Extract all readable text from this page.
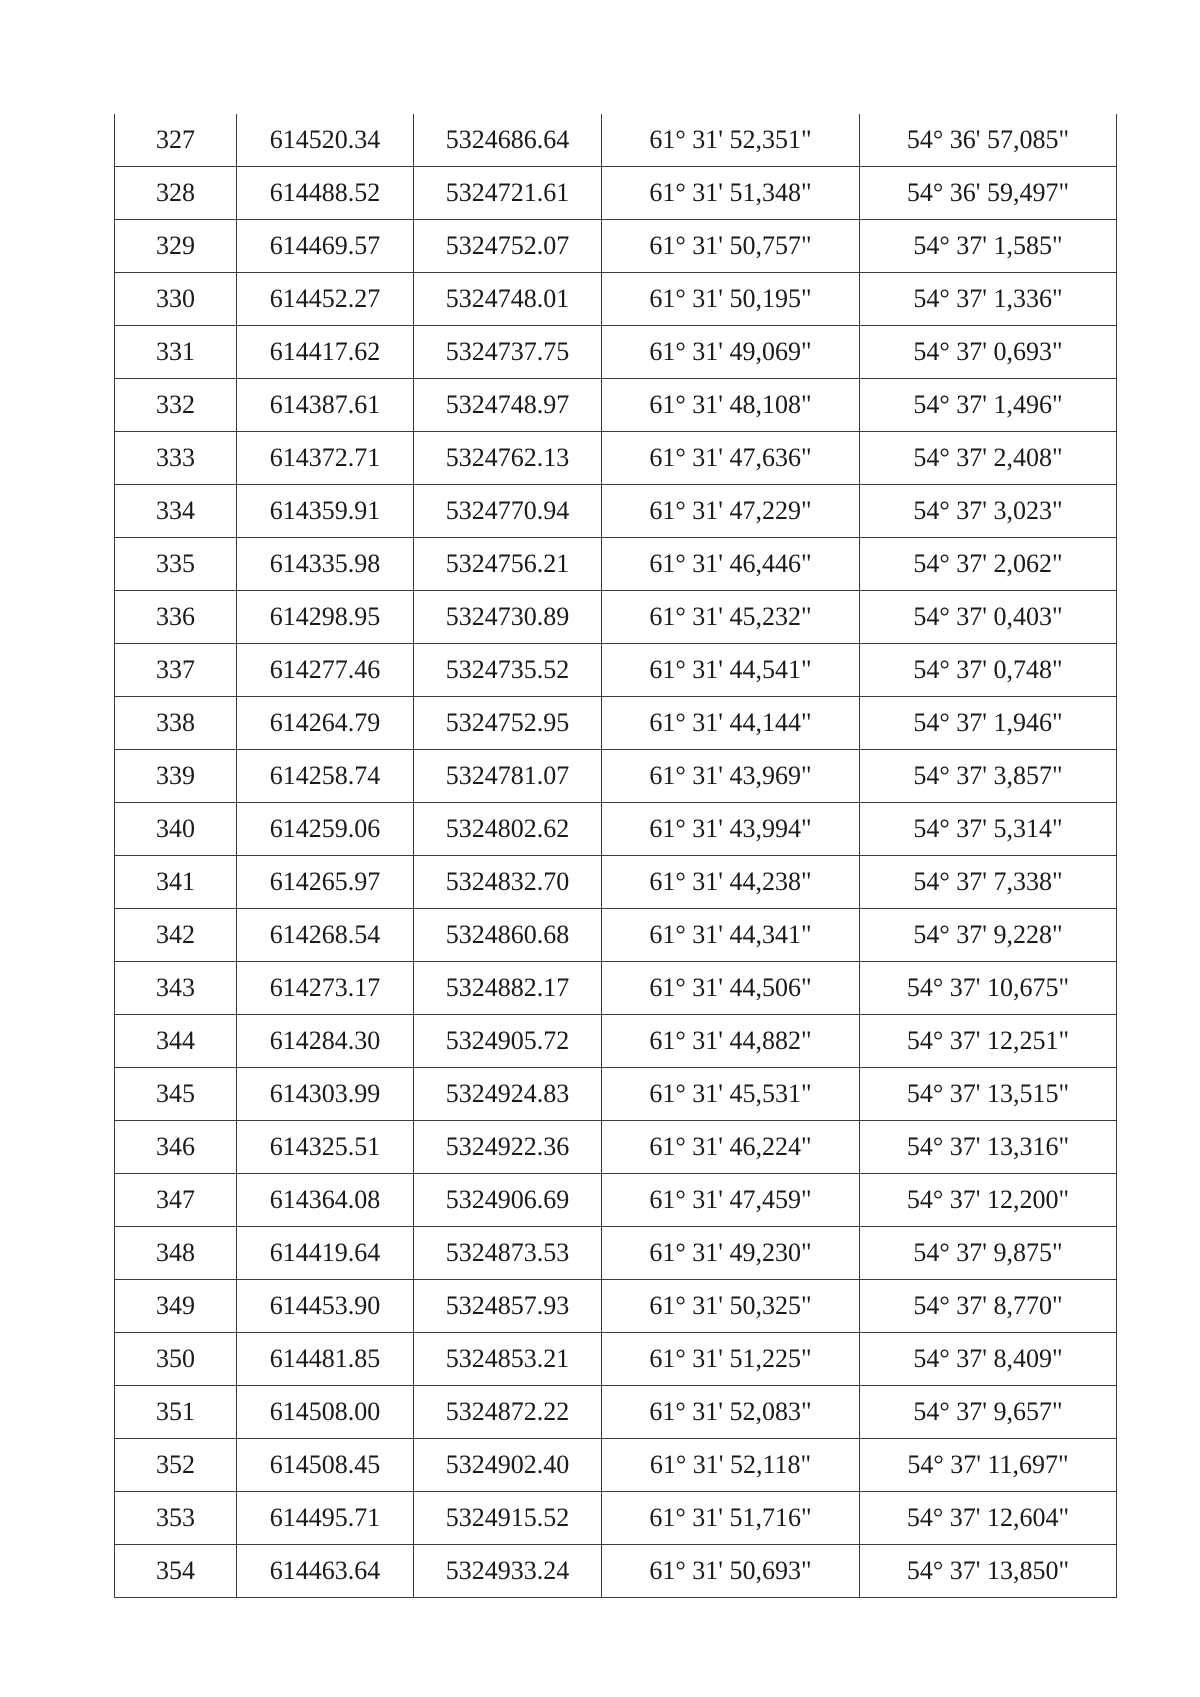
327	614520.34	5324686.64	61° 31' 52,351"	54° 36' 57,085"
328	614488.52	5324721.61	61° 31' 51,348"	54° 36' 59,497"
329	614469.57	5324752.07	61° 31' 50,757"	54° 37' 1,585"
330	614452.27	5324748.01	61° 31' 50,195"	54° 37' 1,336"
331	614417.62	5324737.75	61° 31' 49,069"	54° 37' 0,693"
332	614387.61	5324748.97	61° 31' 48,108"	54° 37' 1,496"
333	614372.71	5324762.13	61° 31' 47,636"	54° 37' 2,408"
334	614359.91	5324770.94	61° 31' 47,229"	54° 37' 3,023"
335	614335.98	5324756.21	61° 31' 46,446"	54° 37' 2,062"
336	614298.95	5324730.89	61° 31' 45,232"	54° 37' 0,403"
337	614277.46	5324735.52	61° 31' 44,541"	54° 37' 0,748"
338	614264.79	5324752.95	61° 31' 44,144"	54° 37' 1,946"
339	614258.74	5324781.07	61° 31' 43,969"	54° 37' 3,857"
340	614259.06	5324802.62	61° 31' 43,994"	54° 37' 5,314"
341	614265.97	5324832.70	61° 31' 44,238"	54° 37' 7,338"
342	614268.54	5324860.68	61° 31' 44,341"	54° 37' 9,228"
343	614273.17	5324882.17	61° 31' 44,506"	54° 37' 10,675"
344	614284.30	5324905.72	61° 31' 44,882"	54° 37' 12,251"
345	614303.99	5324924.83	61° 31' 45,531"	54° 37' 13,515"
346	614325.51	5324922.36	61° 31' 46,224"	54° 37' 13,316"
347	614364.08	5324906.69	61° 31' 47,459"	54° 37' 12,200"
348	614419.64	5324873.53	61° 31' 49,230"	54° 37' 9,875"
349	614453.90	5324857.93	61° 31' 50,325"	54° 37' 8,770"
350	614481.85	5324853.21	61° 31' 51,225"	54° 37' 8,409"
351	614508.00	5324872.22	61° 31' 52,083"	54° 37' 9,657"
352	614508.45	5324902.40	61° 31' 52,118"	54° 37' 11,697"
353	614495.71	5324915.52	61° 31' 51,716"	54° 37' 12,604"
354	614463.64	5324933.24	61° 31' 50,693"	54° 37' 13,850"
